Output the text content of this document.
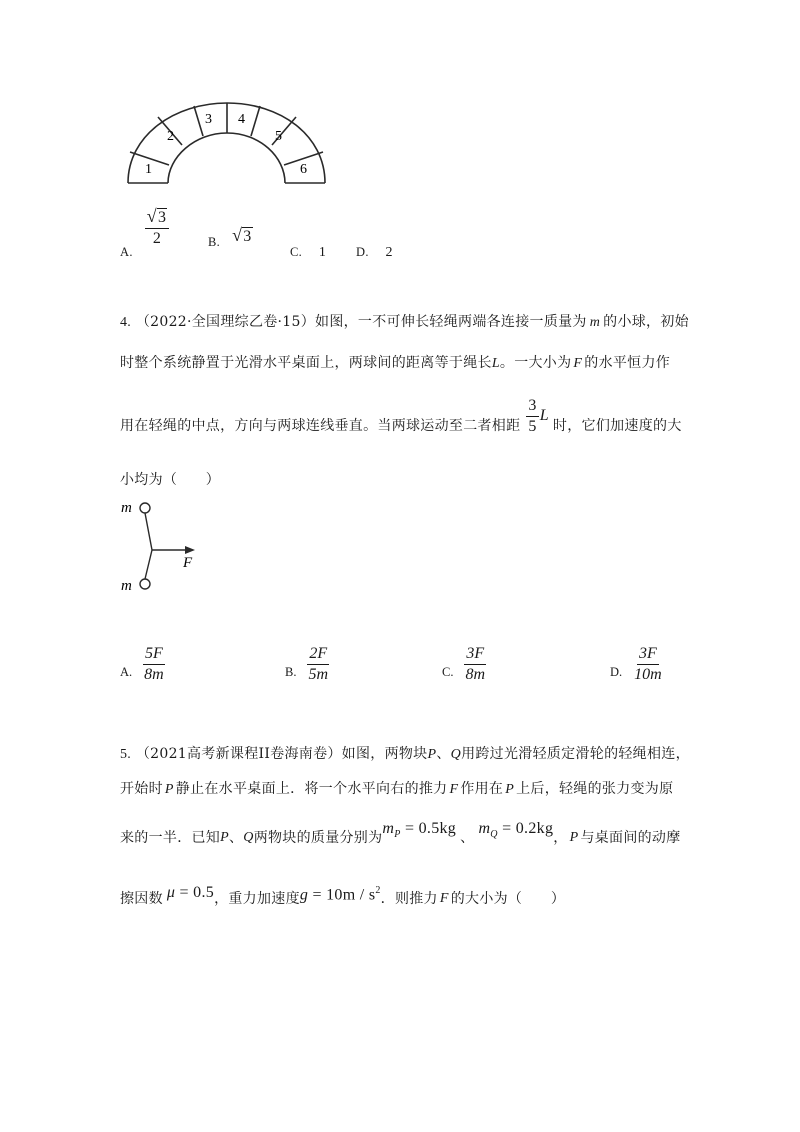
1
2
3 4
5
6
A.
$\frac{√ 3}{2}$	B. √ 3
C. 1 D. 2
4. （2022·全国理综乙卷·15）如图，一不可伸长轻绳两端各连接一质量为 m 的小球，初始
时整个系统静置于光滑水平桌面上，两球间的距离等于绳长L。一大小为 F 的水平恒力作
用在轻绳的中点，方向与两球连线垂直。当两球运动至二者相距 $\frac{3}{5}$ L
时，它们加速度的大
小均为（　　）
m
m
F
A. $\frac{5F}{8m}$	B. $\frac{2F}{5m}$	C. $\frac{3F}{8m}$	D. $\frac{3F}{10m}$
5. （2021高考新课程II卷海南卷）如图，两物块P、Q用跨过光滑轻质定滑轮的轻绳相连，
开始时 P 静止在水平桌面上．将一个水平向右的推力 F 作用在 P 上后，轻绳的张力变为原
来的一半．已知 P 、 Q 两物块的质量分别为
$m_P = 0.5kg$
、
$m_Q = 0.2kg$
， P 与桌面间的动摩
擦因数 μ = 0.5 ，重力加速度 $g = 10m / s^2$
．则推力 F 的大小为（　　）
